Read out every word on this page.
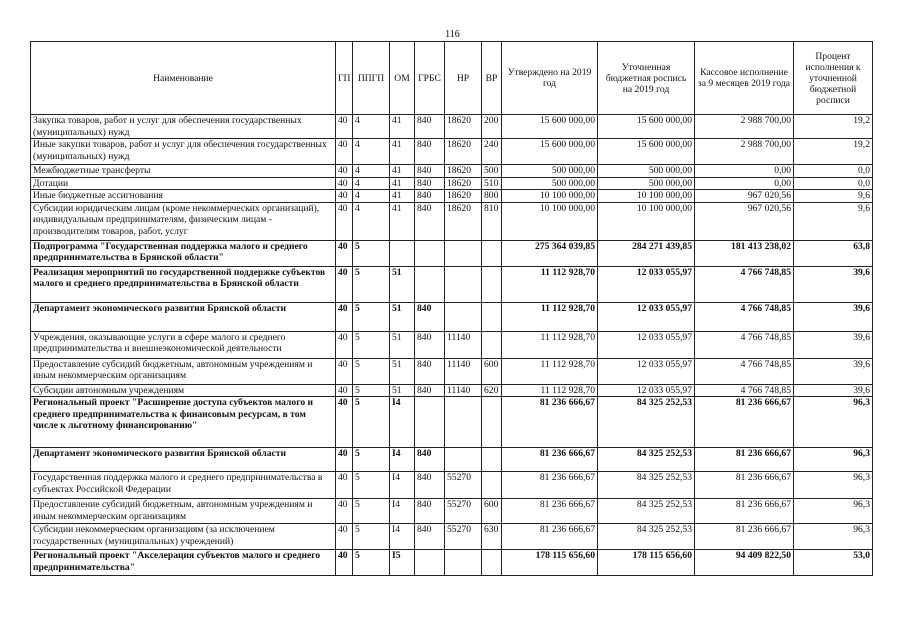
116
Наименование	ГП	ППГП	ОМ	ГРБС	НР	ВР	Утверждено на 2019 год	Уточненная бюджетная роспись на 2019 год	Кассовое исполнение за 9 месяцев 2019 года	Процент исполнения к уточненной бюджетной росписи
Закупка товаров, работ и услуг для обеспечения государственных (муниципальных) нужд	40	4	41	840	18620	200	15 600 000,00	15 600 000,00	2 988 700,00	19,2
Иные закупки товаров, работ и услуг для обеспечения государственных (муниципальных) нужд	40	4	41	840	18620	240	15 600 000,00	15 600 000,00	2 988 700,00	19,2
Межбюджетные трансферты	40	4	41	840	18620	500	500 000,00	500 000,00	0,00	0,0
Дотации	40	4	41	840	18620	510	500 000,00	500 000,00	0,00	0,0
Иные бюджетные ассигнования	40	4	41	840	18620	800	10 100 000,00	10 100 000,00	967 020,56	9,6
Субсидии юридическим лицам (кроме некоммерческих организаций), индивидуальным предпринимателям, физическим лицам - производителям товаров, работ, услуг	40	4	41	840	18620	810	10 100 000,00	10 100 000,00	967 020,56	9,6
Подпрограмма "Государственная поддержка малого и среднего предпринимательства в Брянской области"	40	5					275 364 039,85	284 271 439,85	181 413 238,02	63,8
Реализация мероприятий по государственной поддержке субъектов малого и среднего предпринимательства в Брянской области	40	5	51				11 112 928,70	12 033 055,97	4 766 748,85	39,6
Департамент экономического развития Брянской области	40	5	51	840			11 112 928,70	12 033 055,97	4 766 748,85	39,6
Учреждения, оказывающие услуги в сфере малого и среднего предпринимательства и внешнеэкономической деятельности	40	5	51	840	11140		11 112 928,70	12 033 055,97	4 766 748,85	39,6
Предоставление субсидий бюджетным, автономным учреждениям и иным некоммерческим организациям	40	5	51	840	11140	600	11 112 928,70	12 033 055,97	4 766 748,85	39,6
Субсидии автономным учреждениям	40	5	51	840	11140	620	11 112 928,70	12 033 055,97	4 766 748,85	39,6
Региональный проект "Расширение доступа субъектов малого и среднего предпринимательства к финансовым ресурсам, в том числе к льготному финансированию"	40	5	I4				81 236 666,67	84 325 252,53	81 236 666,67	96,3
Департамент экономического развития Брянской области	40	5	I4	840			81 236 666,67	84 325 252,53	81 236 666,67	96,3
Государственная поддержка малого и среднего предпринимательства в субъектах Российской Федерации	40	5	I4	840	55270		81 236 666,67	84 325 252,53	81 236 666,67	96,3
Предоставление субсидий бюджетным, автономным учреждениям и иным некоммерческим организациям	40	5	I4	840	55270	600	81 236 666,67	84 325 252,53	81 236 666,67	96,3
Субсидии некоммерческим организациям (за исключением государственных (муниципальных) учреждений)	40	5	I4	840	55270	630	81 236 666,67	84 325 252,53	81 236 666,67	96,3
Региональный проект "Акселерация субъектов малого и среднего предпринимательства"	40	5	I5				178 115 656,60	178 115 656,60	94 409 822,50	53,0
